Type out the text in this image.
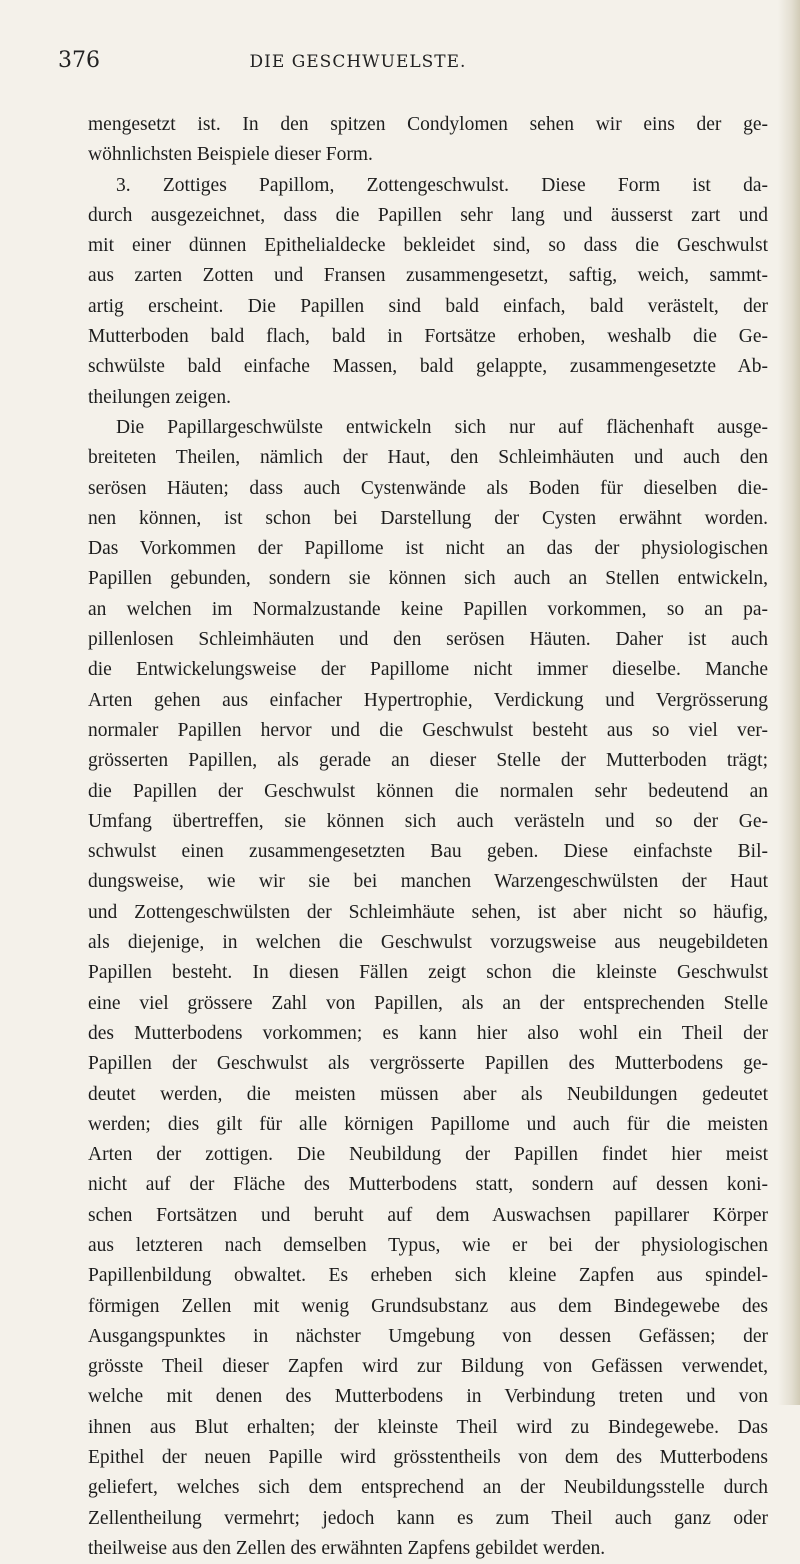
376	DIE GESCHWUELSTE.
mengesetzt ist. In den spitzen Condylomen sehen wir eins der ge-
wöhnlichsten Beispiele dieser Form.
3. Zottiges Papillom, Zottengeschwulst. Diese Form ist da-
durch ausgezeichnet, dass die Papillen sehr lang und äusserst zart und
mit einer dünnen Epithelialdecke bekleidet sind, so dass die Geschwulst
aus zarten Zotten und Fransen zusammengesetzt, saftig, weich, sammt-
artig erscheint. Die Papillen sind bald einfach, bald verästelt, der
Mutterboden bald flach, bald in Fortsätze erhoben, weshalb die Ge-
schwülste bald einfache Massen, bald gelappte, zusammengesetzte Ab-
theilungen zeigen.
Die Papillargeschwülste entwickeln sich nur auf flächenhaft ausge-
breiteten Theilen, nämlich der Haut, den Schleimhäuten und auch den
serösen Häuten; dass auch Cystenwände als Boden für dieselben die-
nen können, ist schon bei Darstellung der Cysten erwähnt worden.
Das Vorkommen der Papillome ist nicht an das der physiologischen
Papillen gebunden, sondern sie können sich auch an Stellen entwickeln,
an welchen im Normalzustande keine Papillen vorkommen, so an pa-
pillenlosen Schleimhäuten und den serösen Häuten. Daher ist auch
die Entwickelungsweise der Papillome nicht immer dieselbe. Manche
Arten gehen aus einfacher Hypertrophie, Verdickung und Vergrösserung
normaler Papillen hervor und die Geschwulst besteht aus so viel ver-
grösserten Papillen, als gerade an dieser Stelle der Mutterboden trägt;
die Papillen der Geschwulst können die normalen sehr bedeutend an
Umfang übertreffen, sie können sich auch verästeln und so der Ge-
schwulst einen zusammengesetzten Bau geben. Diese einfachste Bil-
dungsweise, wie wir sie bei manchen Warzengeschwülsten der Haut
und Zottengeschwülsten der Schleimhäute sehen, ist aber nicht so häufig,
als diejenige, in welchen die Geschwulst vorzugsweise aus neugebildeten
Papillen besteht. In diesen Fällen zeigt schon die kleinste Geschwulst
eine viel grössere Zahl von Papillen, als an der entsprechenden Stelle
des Mutterbodens vorkommen; es kann hier also wohl ein Theil der
Papillen der Geschwulst als vergrösserte Papillen des Mutterbodens ge-
deutet werden, die meisten müssen aber als Neubildungen gedeutet
werden; dies gilt für alle körnigen Papillome und auch für die meisten
Arten der zottigen. Die Neubildung der Papillen findet hier meist
nicht auf der Fläche des Mutterbodens statt, sondern auf dessen koni-
schen Fortsätzen und beruht auf dem Auswachsen papillarer Körper
aus letzteren nach demselben Typus, wie er bei der physiologischen
Papillenbildung obwaltet. Es erheben sich kleine Zapfen aus spindel-
förmigen Zellen mit wenig Grundsubstanz aus dem Bindegewebe des
Ausgangspunktes in nächster Umgebung von dessen Gefässen; der
grösste Theil dieser Zapfen wird zur Bildung von Gefässen verwendet,
welche mit denen des Mutterbodens in Verbindung treten und von
ihnen aus Blut erhalten; der kleinste Theil wird zu Bindegewebe. Das
Epithel der neuen Papille wird grösstentheils von dem des Mutterbodens
geliefert, welches sich dem entsprechend an der Neubildungsstelle durch
Zellentheilung vermehrt; jedoch kann es zum Theil auch ganz oder
theilweise aus den Zellen des erwähnten Zapfens gebildet werden.
